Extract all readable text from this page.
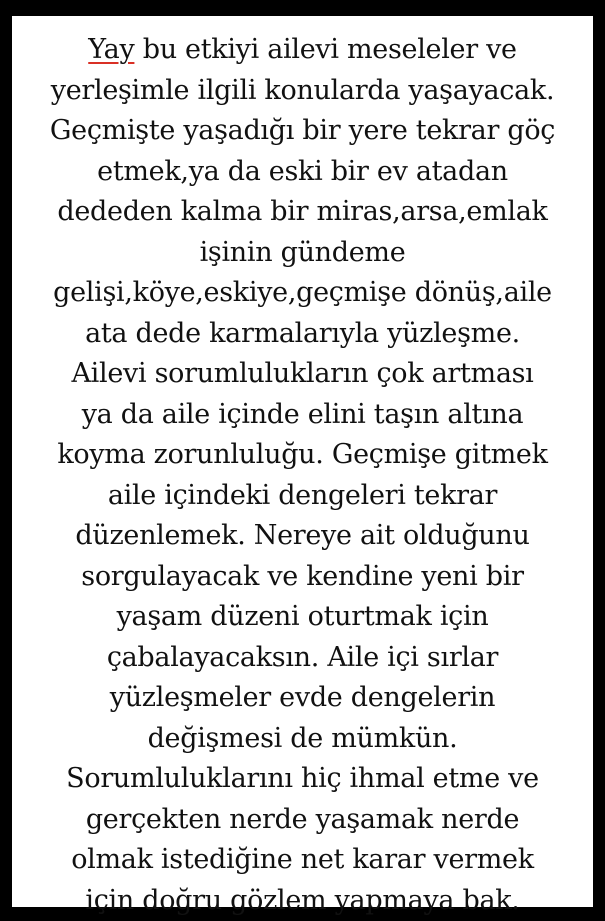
Yay bu etkiyi ailevi meseleler ve
yerleşimle ilgili konularda yaşayacak.
Geçmişte yaşadığı bir yere tekrar göç
etmek,ya da eski bir ev atadan
dededen kalma bir miras,arsa,emlak
işinin gündeme
gelişi,köye,eskiye,geçmişe dönüş,aile
ata dede karmalarıyla yüzleşme.
Ailevi sorumlulukların çok artması
ya da aile içinde elini taşın altına
koyma zorunluluğu. Geçmişe gitmek
aile içindeki dengeleri tekrar
düzenlemek. Nereye ait olduğunu
sorgulayacak ve kendine yeni bir
yaşam düzeni oturtmak için
çabalayacaksın. Aile içi sırlar
yüzleşmeler evde dengelerin
değişmesi de mümkün.
Sorumluluklarını hiç ihmal etme ve
gerçekten nerde yaşamak nerde
olmak istediğine net karar vermek
için doğru gözlem yapmaya bak.
